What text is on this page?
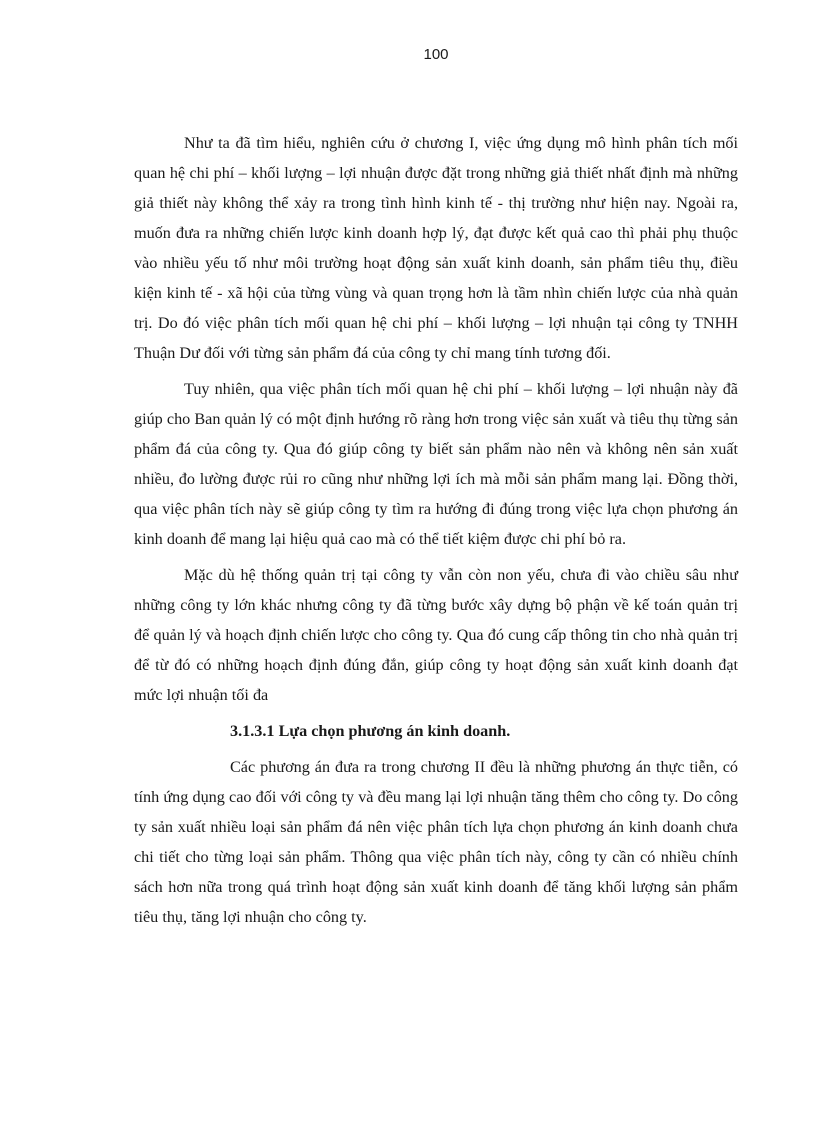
100

Như ta đã tìm hiểu, nghiên cứu ở chương I, việc ứng dụng mô hình phân tích mối quan hệ chi phí – khối lượng – lợi nhuận được đặt trong những giả thiết nhất định mà những giả thiết này không thể xảy ra trong tình hình kinh tế - thị trường như hiện nay. Ngoài ra, muốn đưa ra những chiến lược kinh doanh hợp lý, đạt được kết quả cao thì phải phụ thuộc vào nhiều yếu tố như môi trường hoạt động sản xuất kinh doanh, sản phẩm tiêu thụ, điều kiện kinh tế - xã hội của từng vùng và quan trọng hơn là tầm nhìn chiến lược của nhà quản trị. Do đó việc phân tích mối quan hệ chi phí – khối lượng – lợi nhuận tại công ty TNHH Thuận Dư đối với từng sản phẩm đá của công ty chỉ mang tính tương đối.

Tuy nhiên, qua việc phân tích mối quan hệ chi phí – khối lượng – lợi nhuận này đã giúp cho Ban quản lý có một định hướng rõ ràng hơn trong việc sản xuất và tiêu thụ từng sản phẩm đá của công ty. Qua đó giúp công ty biết sản phẩm nào nên và không nên sản xuất nhiều, đo lường được rủi ro cũng như những lợi ích mà mỗi sản phẩm mang lại. Đồng thời, qua việc phân tích này sẽ giúp công ty tìm ra hướng đi đúng trong việc lựa chọn phương án kinh doanh để mang lại hiệu quả cao mà có thể tiết kiệm được chi phí bỏ ra.

Mặc dù hệ thống quản trị tại công ty vẫn còn non yếu, chưa đi vào chiều sâu như những công ty lớn khác nhưng công ty đã từng bước xây dựng bộ phận về kế toán quản trị để quản lý và hoạch định chiến lược cho công ty. Qua đó cung cấp thông tin cho nhà quản trị để từ đó có những hoạch định đúng đắn, giúp công ty hoạt động sản xuất kinh doanh đạt mức lợi nhuận tối đa

3.1.3.1 Lựa chọn phương án kinh doanh.

Các phương án đưa ra trong chương II đều là những phương án thực tiễn, có tính ứng dụng cao đối với công ty và đều mang lại lợi nhuận tăng thêm cho công ty. Do công ty sản xuất nhiều loại sản phẩm đá nên việc phân tích lựa chọn phương án kinh doanh chưa chi tiết cho từng loại sản phẩm. Thông qua việc phân tích này, công ty cần có nhiều chính sách hơn nữa trong quá trình hoạt động sản xuất kinh doanh để tăng khối lượng sản phẩm tiêu thụ, tăng lợi nhuận cho công ty.
